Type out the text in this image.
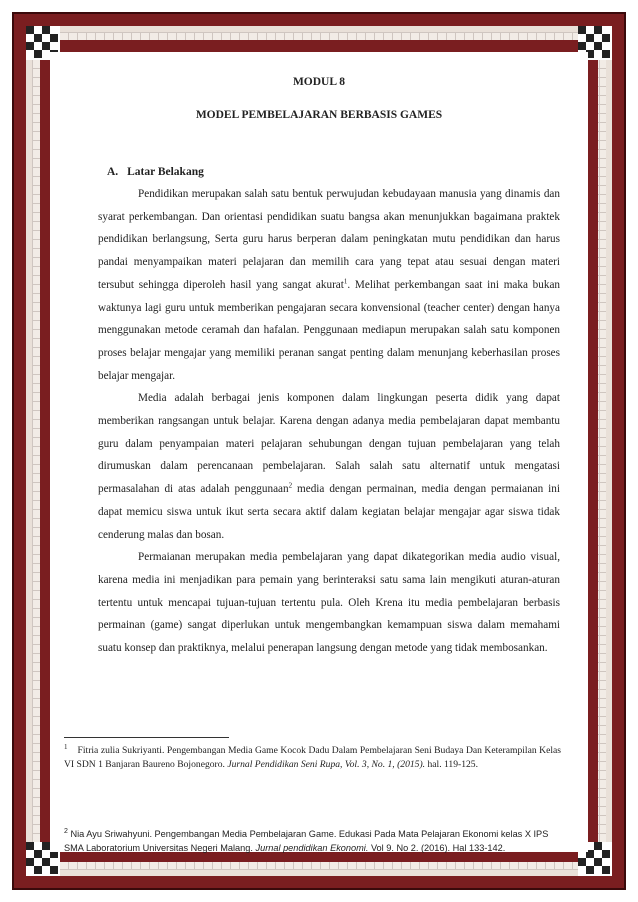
MODUL 8
MODEL PEMBELAJARAN BERBASIS GAMES
A. Latar Belakang

Pendidikan merupakan salah satu bentuk perwujudan kebudayaan manusia yang dinamis dan syarat perkembangan. Dan orientasi pendidikan suatu bangsa akan menunjukkan bagaimana praktek pendidikan berlangsung, Serta guru harus berperan dalam peningkatan mutu pendidikan dan harus pandai menyampaikan materi pelajaran dan memilih cara yang tepat atau sesuai dengan materi tersubut sehingga diperoleh hasil yang sangat akurat$^1$. Melihat perkembangan saat ini maka bukan waktunya lagi guru untuk memberikan pengajaran secara konvensional (teacher center) dengan hanya menggunakan metode ceramah dan hafalan. Penggunaan mediapun merupakan salah satu komponen proses belajar mengajar yang memiliki peranan sangat penting dalam menunjang keberhasilan proses belajar mengajar.

Media adalah berbagai jenis komponen dalam lingkungan peserta didik yang dapat memberikan rangsangan untuk belajar. Karena dengan adanya media pembelajaran dapat membantu guru dalam penyampaian materi pelajaran sehubungan dengan tujuan pembelajaran yang telah dirumuskan dalam perencanaan pembelajaran. Salah salah satu alternatif untuk mengatasi permasalahan di atas adalah penggunaan$^2$ media dengan permainan, media dengan permaianan ini dapat memicu siswa untuk ikut serta secara aktif dalam kegiatan belajar mengajar agar siswa tidak cenderung malas dan bosan.

Permaianan merupakan media pembelajaran yang dapat dikategorikan media audio visual, karena media ini menjadikan para pemain yang berinteraksi satu sama lain mengikuti aturan-aturan tertentu untuk mencapai tujuan-tujuan tertentu pula. Oleh Krena itu media pembelajaran berbasis permainan (game) sangat diperlukan untuk mengembangkan kemampuan siswa dalam memahami suatu konsep dan praktiknya, melalui penerapan langsung dengan metode yang tidak membosankan.

$^1$ Fitria zulia Sukriyanti. Pengembangan Media Game Kocok Dadu Dalam Pembelajaran Seni Budaya Dan Keterampilan Kelas VI SDN 1 Banjaran Baureno Bojonegoro. Jurnal Pendidikan Seni Rupa, Vol. 3, No. 1, (2015). hal. 119-125.
$^2$ Nia Ayu Sriwahyuni. Pengembangan Media Pembelajaran Game. Edukasi Pada Mata Pelajaran Ekonomi kelas X IPS SMA Laboratorium Universitas Negeri Malang. Jurnal pendidikan Ekonomi. Vol 9. No 2. (2016). Hal 133-142.
